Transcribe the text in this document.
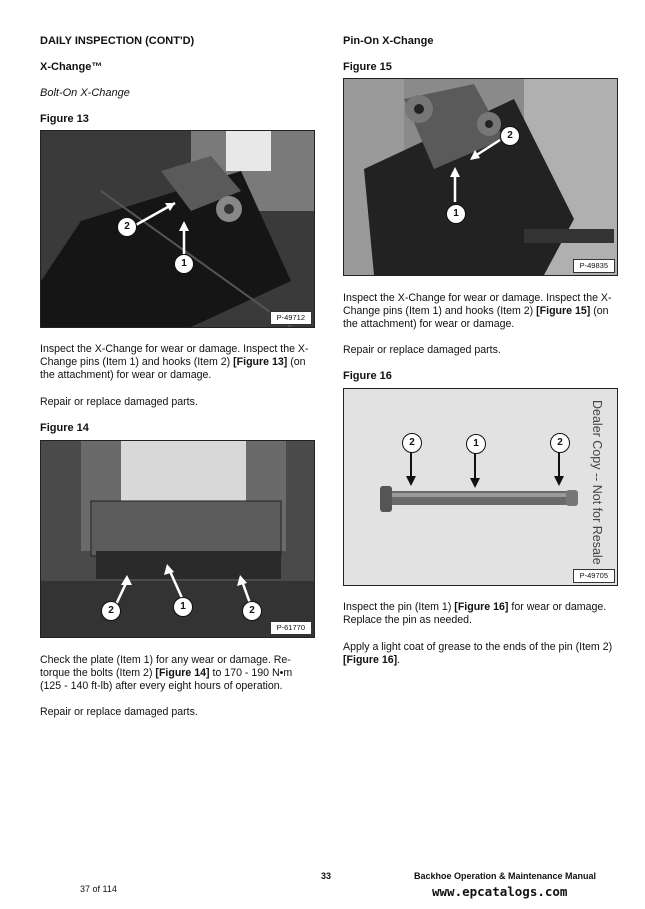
DAILY INSPECTION (CONT'D)
X-Change™
Bolt-On X-Change
Figure 13
2
1
P-49712
Inspect the X-Change for wear or damage. Inspect the X-
Change pins (Item 1) and hooks (Item 2) [Figure 13] (on
the attachment) for wear or damage.
Repair or replace damaged parts.
Figure 14
2	1	2
P-61770
Check the plate (Item 1) for any wear or damage. Re-
torque the bolts (Item 2) [Figure 14] to 170 - 190 N•m
(125 - 140 ft-lb) after every eight hours of operation.
Repair or replace damaged parts.
Pin-On X-Change
Figure 15
1
2
P-49835
Inspect the X-Change for wear or damage. Inspect the X-
Change pins (Item 1) and hooks (Item 2) [Figure 15] (on
the attachment) for wear or damage.
Repair or replace damaged parts.
Figure 16
2	1	2
P-49705
Inspect the pin (Item 1) [Figure 16] for wear or damage.
Replace the pin as needed.
Apply a light coat of grease to the ends of the pin (Item 2)
[Figure 16].
Dealer Copy -- Not for Resale
33	Backhoe Operation & Maintenance Manual
37 of 114	www.epcatalogs.com
